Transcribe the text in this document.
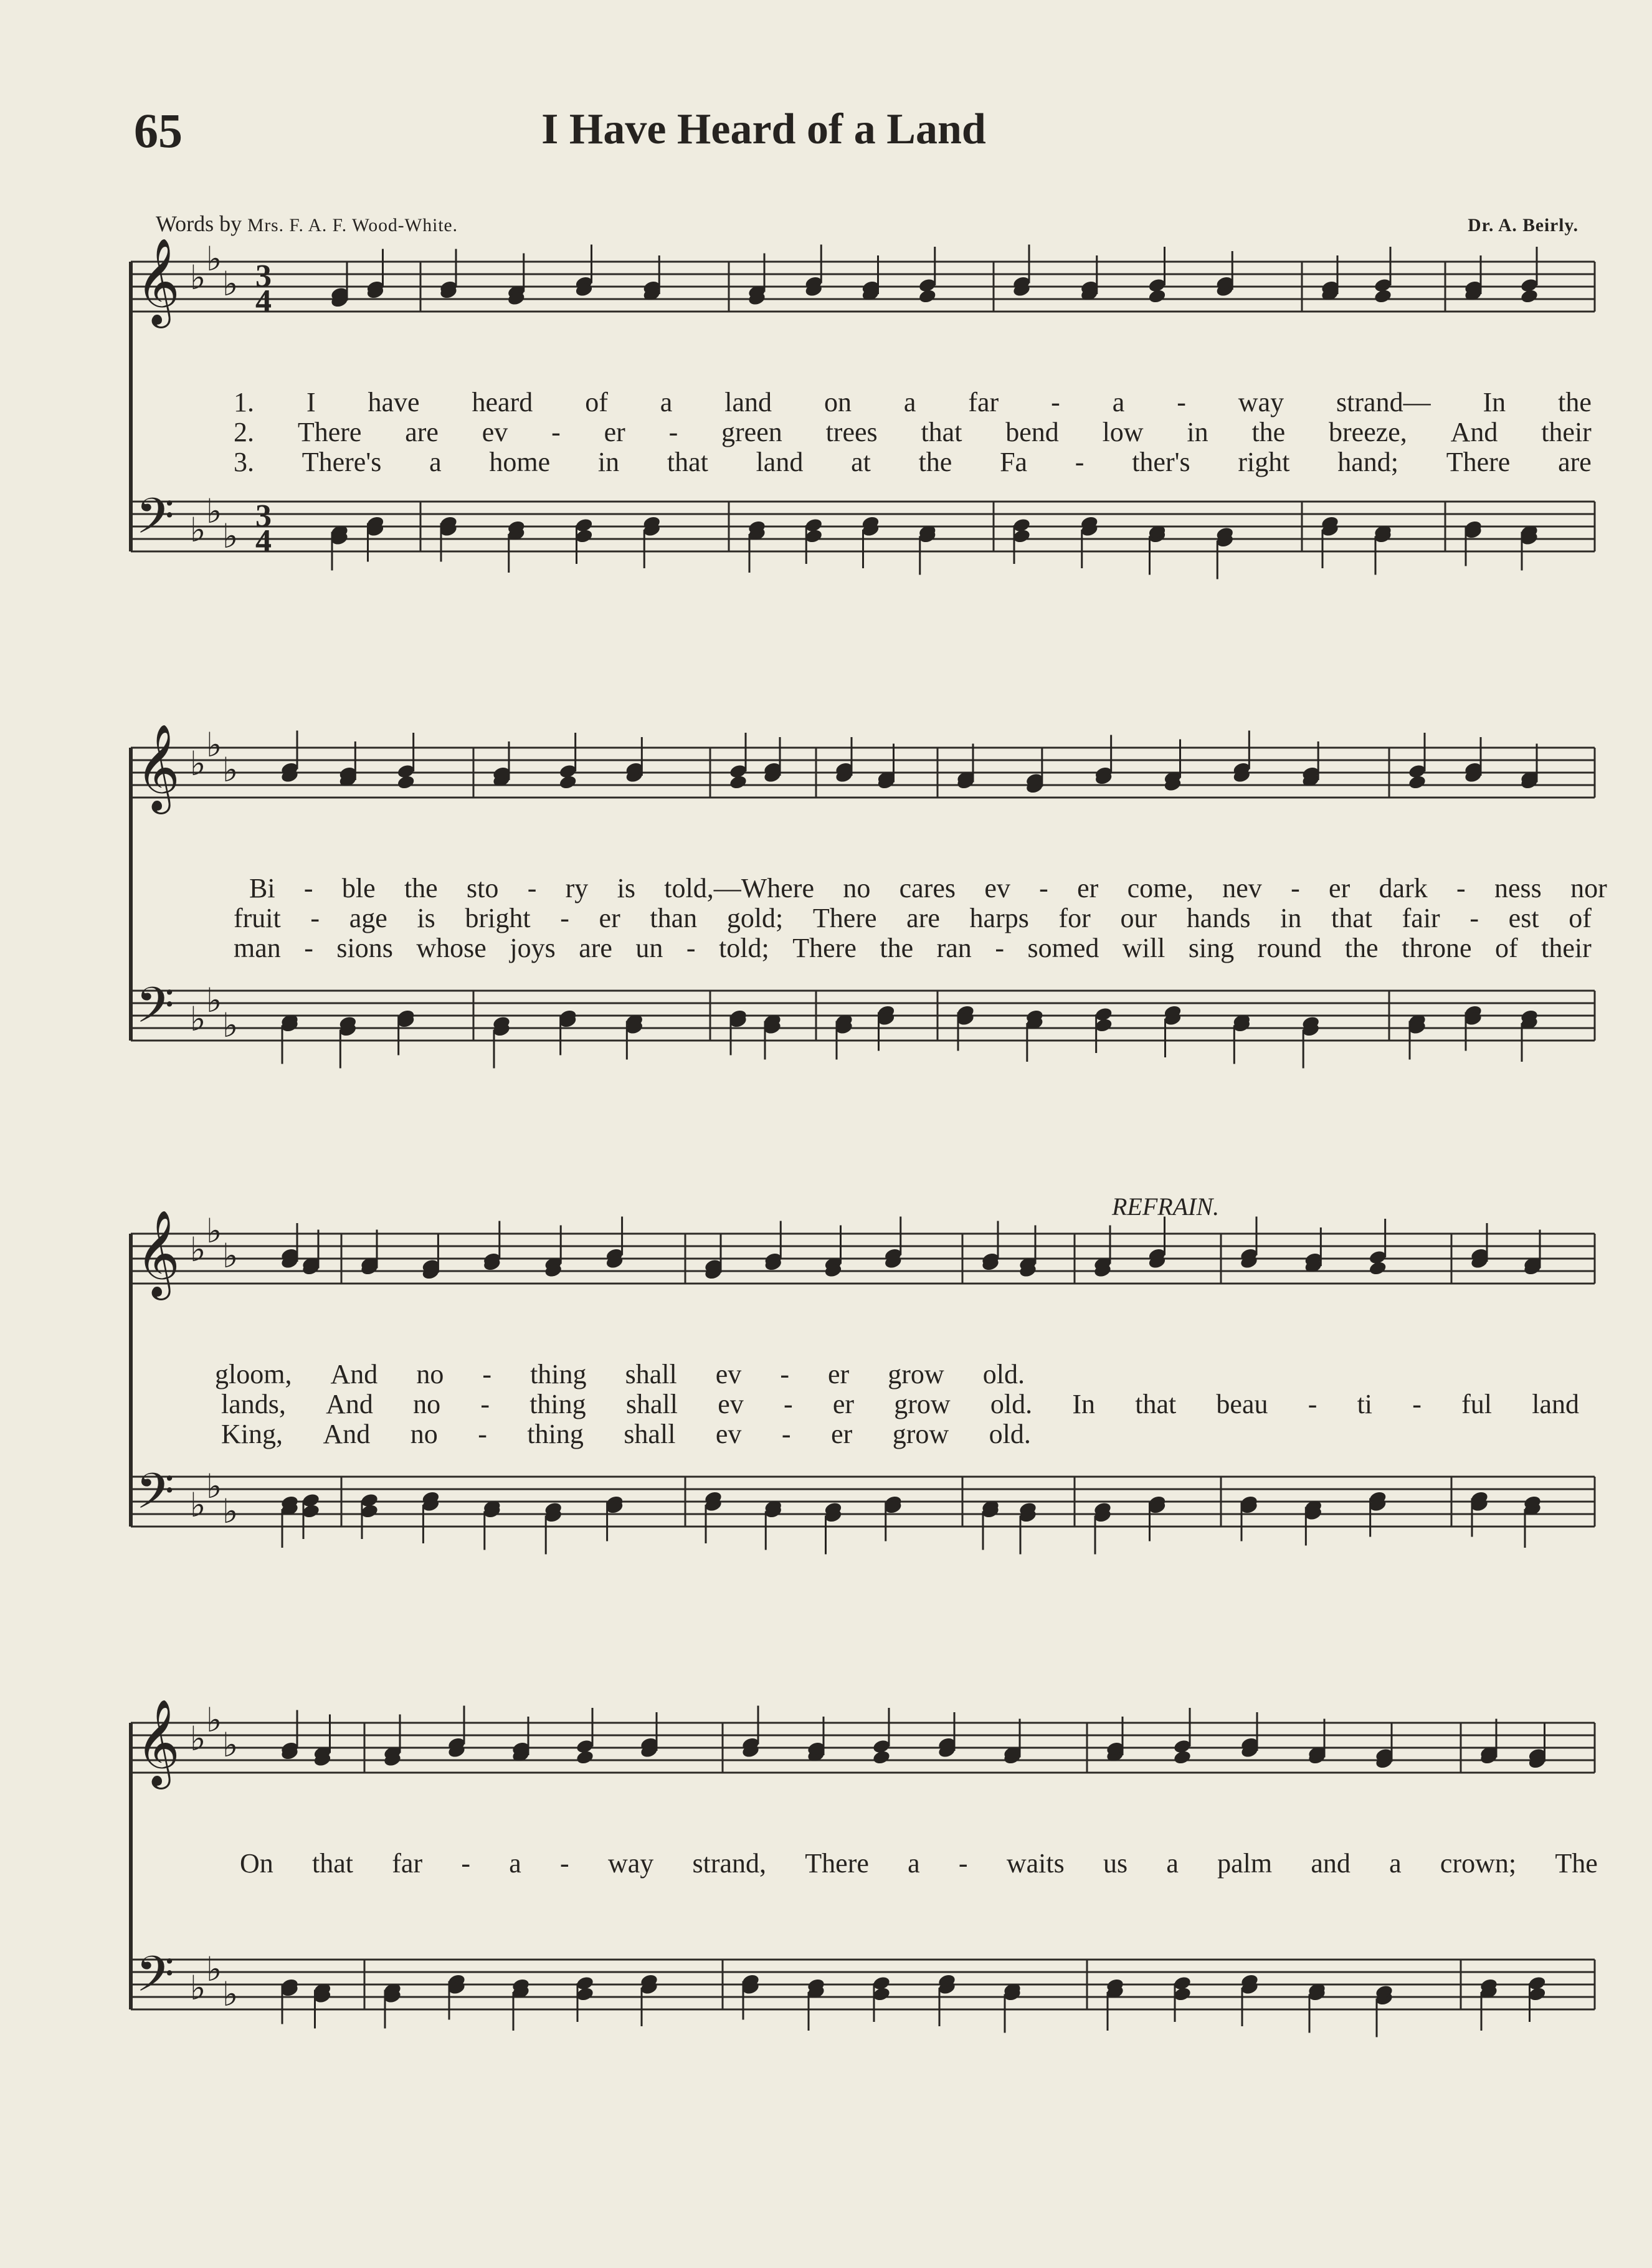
65	I Have Heard of a Land
Words by Mrs. F. A. F. Wood-White.	Dr. A. Beirly.
REFRAIN.
𝄞
𝄢
♭ ♭
♭
♭ ♭
♭
3
4
3
4
𝄞
𝄢
♭ ♭
♭
♭ ♭
♭
𝄞
𝄢
♭ ♭
♭
♭ ♭
♭
𝄞
𝄢
♭ ♭
♭
♭ ♭
♭
1. I have heard of a land on a far - a - way strand— In the
2. There are ev - er - green trees that bend low in the breeze, And their
3. There's a home in that land at the Fa - ther's right hand; There are
Bi - ble the sto - ry is told,—Where no cares ev - er come, nev - er dark - ness nor
fruit - age is bright - er than gold; There are harps for our hands in that fair - est of
man - sions whose joys are un - told; There the ran - somed will sing round the throne of their
gloom, And no - thing shall ev - er grow old.
lands, And no - thing shall ev - er grow old. In that beau - ti - ful land
King, And no - thing shall ev - er grow old.
On that far - a - way strand, There a - waits us a palm and a crown; The
